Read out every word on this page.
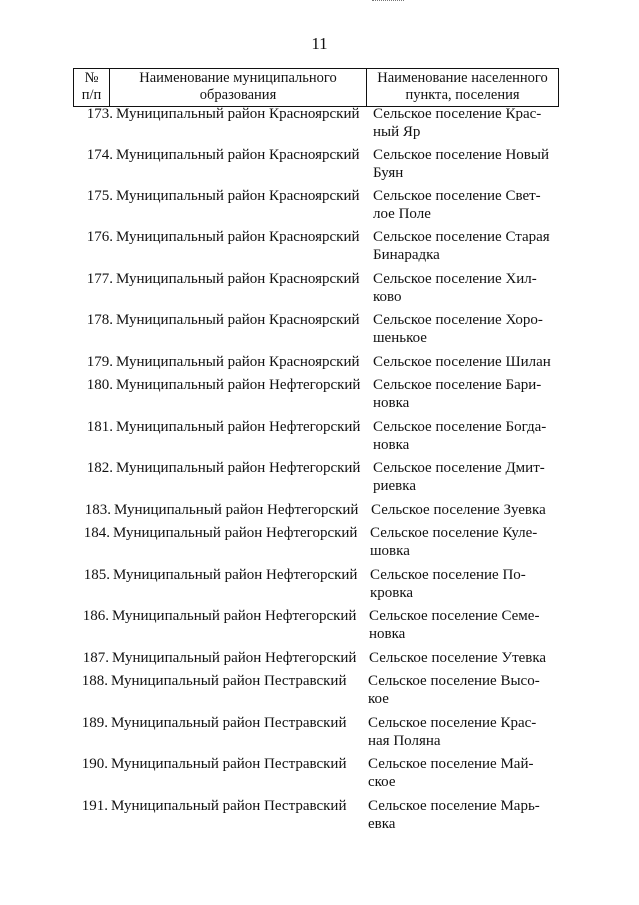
11
№
п/п
Наименование муниципального
образования
Наименование населенного
пункта, поселения
173. Муниципальный район Красноярский Сельское поселение Крас-
ный Яр
174. Муниципальный район Красноярский Сельское поселение Новый
Буян
175. Муниципальный район Красноярский Сельское поселение Свет-
лое Поле
176. Муниципальный район Красноярский Сельское поселение Старая
Бинарадка
177. Муниципальный район Красноярский Сельское поселение Хил-
ково
178. Муниципальный район Красноярский Сельское поселение Хоро-
шенькое
179. Муниципальный район Красноярский Сельское поселение Шилан
180. Муниципальный район Нефтегорский Сельское поселение Бари-
новка
181. Муниципальный район Нефтегорский Сельское поселение Богда-
новка
182. Муниципальный район Нефтегорский Сельское поселение Дмит-
риевка
183. Муниципальный район Нефтегорский Сельское поселение Зуевка
184. Муниципальный район Нефтегорский Сельское поселение Куле-
шовка
185. Муниципальный район Нефтегорский Сельское поселение По-
кровка
186. Муниципальный район Нефтегорский Сельское поселение Семе-
новка
187. Муниципальный район Нефтегорский Сельское поселение Утевка
188. Муниципальный район Пестравский Сельское поселение Высо-
кое
189. Муниципальный район Пестравский Сельское поселение Крас-
ная Поляна
190. Муниципальный район Пестравский Сельское поселение Май-
ское
191. Муниципальный район Пестравский Сельское поселение Марь-
евка
